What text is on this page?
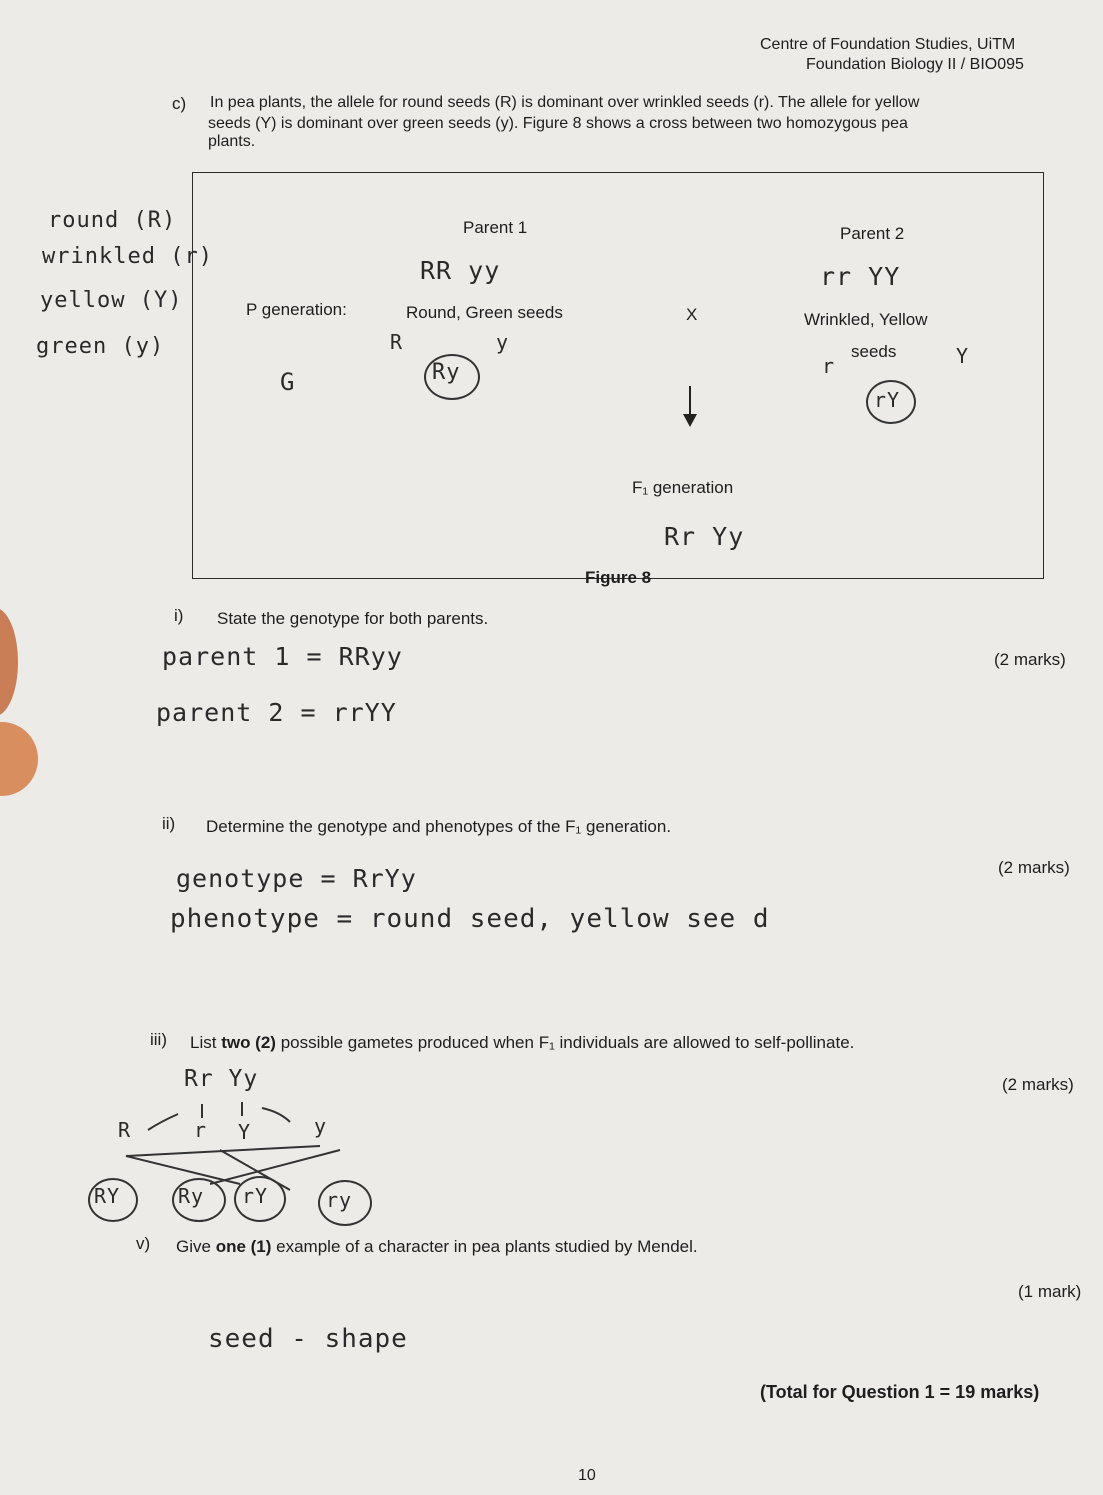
Centre of Foundation Studies, UiTM
Foundation Biology II / BIO095
c) In pea plants, the allele for round seeds (R) is dominant over wrinkled seeds (r). The allele for yellow
seeds (Y) is dominant over green seeds (y). Figure 8 shows a cross between two homozygous pea
plants.
round (R)
wrinkled (r)
yellow (Y)
green (y)
Parent 1	Parent 2
RR yy	rr YY
P generation:	Round, Green seeds	X	Wrinkled, Yellow
seeds
R	y
G	Ry	r	Y
rY
F₁ generation
Rr Yy
Figure 8
i) State the genotype for both parents.
(2 marks)
parent 1 = RRyy
parent 2 = rrYY
ii) Determine the genotype and phenotypes of the F₁ generation.
(2 marks)
genotype = RrYy
phenotype = round seed, yellow see d
iii) List two (2) possible gametes produced when F₁ individuals are allowed to self-pollinate.
(2 marks)
Rr Yy
R	r Y	y
RY	Ry rY	ry
v) Give one (1) example of a character in pea plants studied by Mendel.
(1 mark)
seed - shape
(Total for Question 1 = 19 marks)
10
